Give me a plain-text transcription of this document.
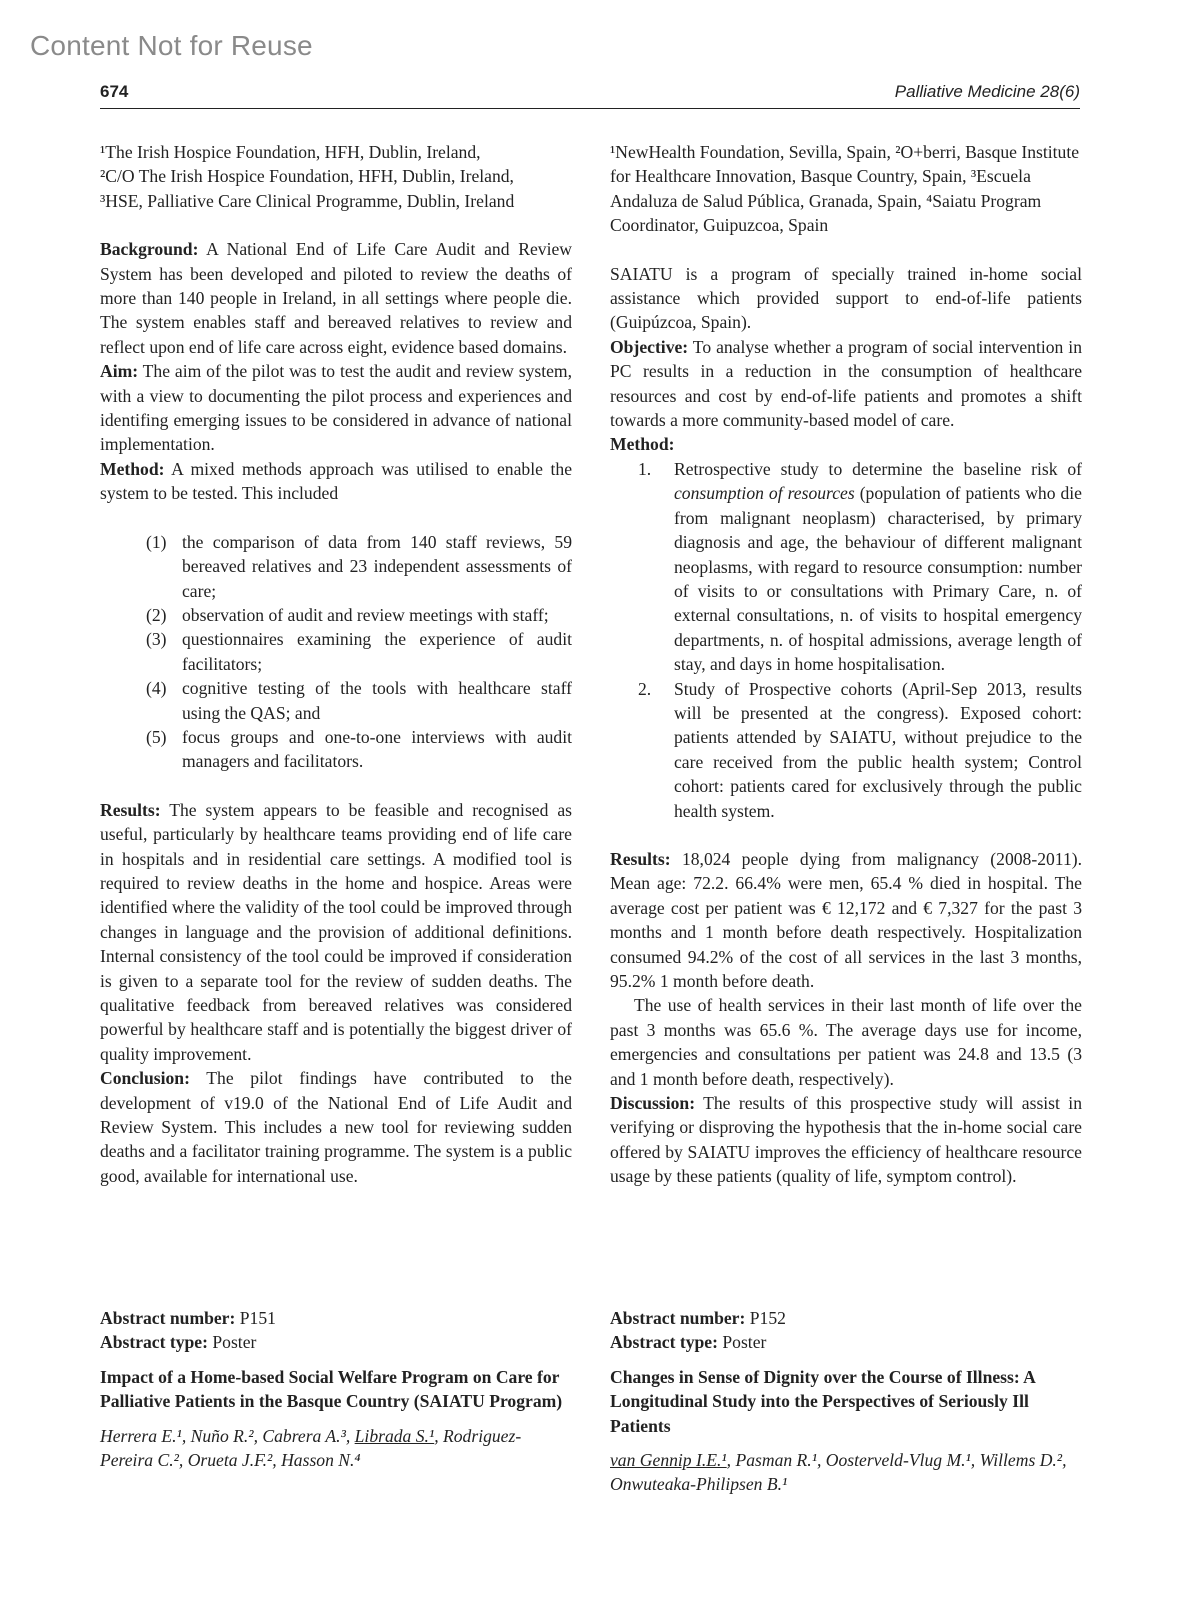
Content Not for Reuse
674	Palliative Medicine 28(6)
¹The Irish Hospice Foundation, HFH, Dublin, Ireland,
²C/O The Irish Hospice Foundation, HFH, Dublin, Ireland,
³HSE, Palliative Care Clinical Programme, Dublin, Ireland

Background: A National End of Life Care Audit and Review System has been developed and piloted to review the deaths of more than 140 people in Ireland, in all settings where people die. The system enables staff and bereaved relatives to review and reflect upon end of life care across eight, evidence based domains.

Aim: The aim of the pilot was to test the audit and review system, with a view to documenting the pilot process and experiences and identifing emerging issues to be considered in advance of national implementation.

Method: A mixed methods approach was utilised to enable the system to be tested. This included

(1) the comparison of data from 140 staff reviews, 59 bereaved relatives and 23 independent assessments of care;
(2) observation of audit and review meetings with staff;
(3) questionnaires examining the experience of audit facilitators;
(4) cognitive testing of the tools with healthcare staff using the QAS; and
(5) focus groups and one-to-one interviews with audit managers and facilitators.

Results: The system appears to be feasible and recognised as useful, particularly by healthcare teams providing end of life care in hospitals and in residential care settings. A modified tool is required to review deaths in the home and hospice. Areas were identified where the validity of the tool could be improved through changes in language and the provision of additional definitions. Internal consistency of the tool could be improved if consideration is given to a separate tool for the review of sudden deaths. The qualitative feedback from bereaved relatives was considered powerful by healthcare staff and is potentially the biggest driver of quality improvement.

Conclusion: The pilot findings have contributed to the development of v19.0 of the National End of Life Audit and Review System. This includes a new tool for reviewing sudden deaths and a facilitator training programme. The system is a public good, available for international use.

¹NewHealth Foundation, Sevilla, Spain, ²O+berri, Basque Institute for Healthcare Innovation, Basque Country, Spain, ³Escuela Andaluza de Salud Pública, Granada, Spain, ⁴Saiatu Program Coordinator, Guipuzcoa, Spain

SAIATU is a program of specially trained in-home social assistance which provided support to end-of-life patients (Guipúzcoa, Spain).

Objective: To analyse whether a program of social intervention in PC results in a reduction in the consumption of healthcare resources and cost by end-of-life patients and promotes a shift towards a more community-based model of care.

Method:

1. Retrospective study to determine the baseline risk of consumption of resources (population of patients who die from malignant neoplasm) characterised, by primary diagnosis and age, the behaviour of different malignant neoplasms, with regard to resource consumption: number of visits to or consultations with Primary Care, n. of external consultations, n. of visits to hospital emergency departments, n. of hospital admissions, average length of stay, and days in home hospitalisation.
2. Study of Prospective cohorts (April-Sep 2013, results will be presented at the congress). Exposed cohort: patients attended by SAIATU, without prejudice to the care received from the public health system; Control cohort: patients cared for exclusively through the public health system.

Results: 18,024 people dying from malignancy (2008-2011). Mean age: 72.2. 66.4% were men, 65.4 % died in hospital. The average cost per patient was € 12,172 and € 7,327 for the past 3 months and 1 month before death respectively. Hospitalization consumed 94.2% of the cost of all services in the last 3 months, 95.2% 1 month before death.

The use of health services in their last month of life over the past 3 months was 65.6 %. The average days use for income, emergencies and consultations per patient was 24.8 and 13.5 (3 and 1 month before death, respectively).

Discussion: The results of this prospective study will assist in verifying or disproving the hypothesis that the in-home social care offered by SAIATU improves the efficiency of healthcare resource usage by these patients (quality of life, symptom control).

Abstract number: P151
Abstract type: Poster
Impact of a Home-based Social Welfare Program on Care for Palliative Patients in the Basque Country (SAIATU Program)
Herrera E.¹, Nuño R.², Cabrera A.³, Librada S.¹, Rodriguez-Pereira C.², Orueta J.F.², Hasson N.⁴
Abstract number: P152
Abstract type: Poster
Changes in Sense of Dignity over the Course of Illness: A Longitudinal Study into the Perspectives of Seriously Ill Patients
van Gennip I.E.¹, Pasman R.¹, Oosterveld-Vlug M.¹, Willems D.², Onwuteaka-Philipsen B.¹
